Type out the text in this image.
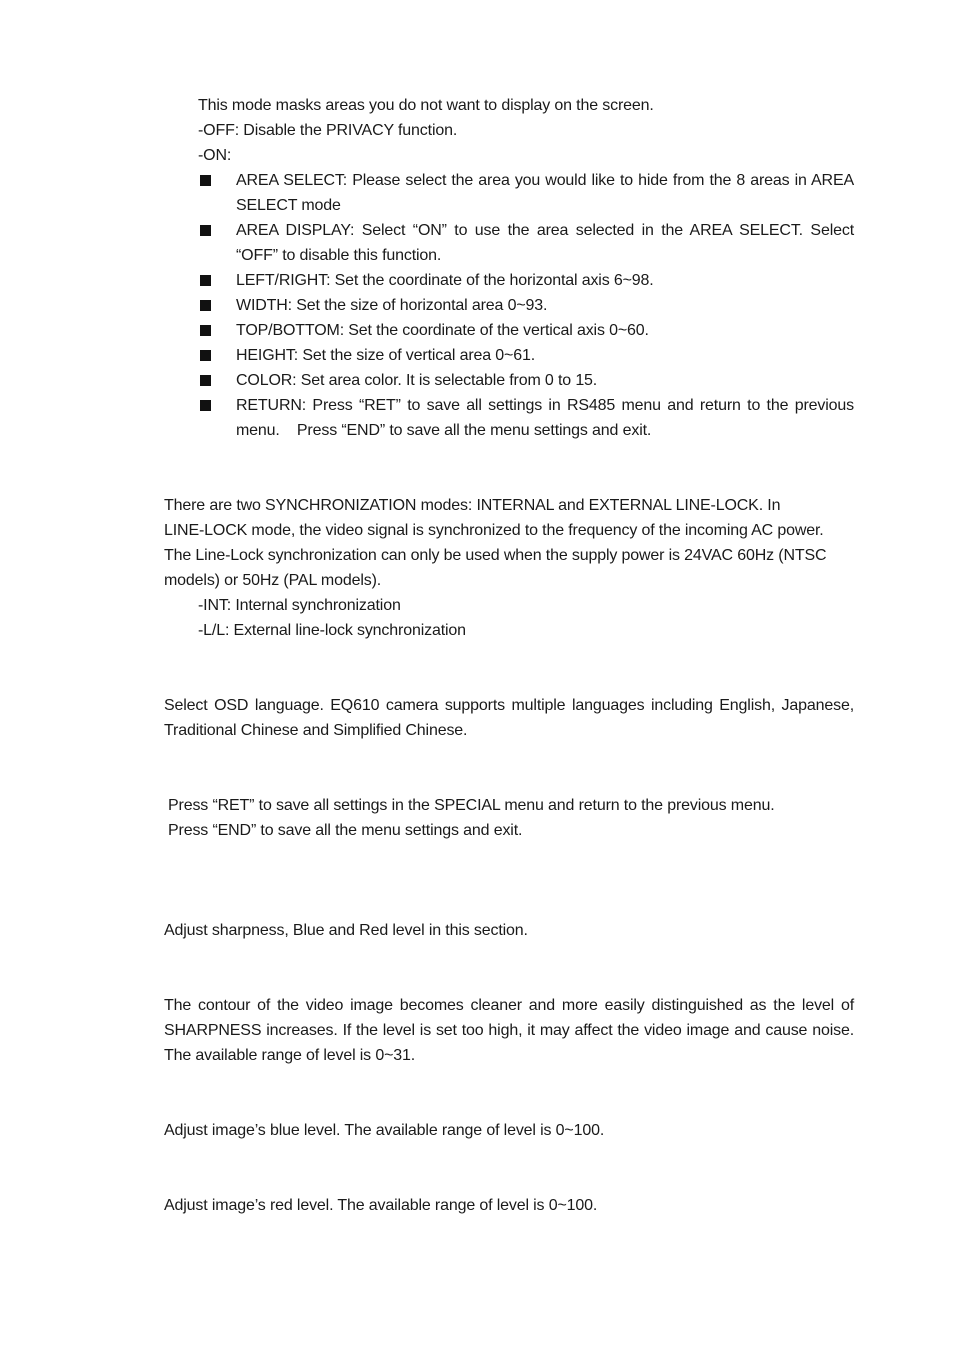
This mode masks areas you do not want to display on the screen.
-OFF: Disable the PRIVACY function.
-ON:
AREA SELECT: Please select the area you would like to hide from the 8 areas in AREA
SELECT mode
AREA DISPLAY: Select “ON” to use the area selected in the AREA SELECT. Select
“OFF” to disable this function.
LEFT/RIGHT: Set the coordinate of the horizontal axis 6~98.
WIDTH: Set the size of horizontal area 0~93.
TOP/BOTTOM: Set the coordinate of the vertical axis 0~60.
HEIGHT: Set the size of vertical area 0~61.
COLOR: Set area color. It is selectable from 0 to 15.
RETURN: Press “RET” to save all settings in RS485 menu and return to the previous
menu.    Press “END” to save all the menu settings and exit.
There are two SYNCHRONIZATION modes: INTERNAL and EXTERNAL LINE-LOCK. In
LINE-LOCK mode, the video signal is synchronized to the frequency of the incoming AC power.
The Line-Lock synchronization can only be used when the supply power is 24VAC 60Hz (NTSC
models) or 50Hz (PAL models).
-INT: Internal synchronization
-L/L: External line-lock synchronization
Select OSD language. EQ610 camera supports multiple languages including English, Japanese,
Traditional Chinese and Simplified Chinese.
Press “RET” to save all settings in the SPECIAL menu and return to the previous menu.
Press “END” to save all the menu settings and exit.
Adjust sharpness, Blue and Red level in this section.
The contour of the video image becomes cleaner and more easily distinguished as the level of
SHARPNESS increases. If the level is set too high, it may affect the video image and cause noise.
The available range of level is 0~31.
Adjust image’s blue level. The available range of level is 0~100.
Adjust image’s red level. The available range of level is 0~100.
